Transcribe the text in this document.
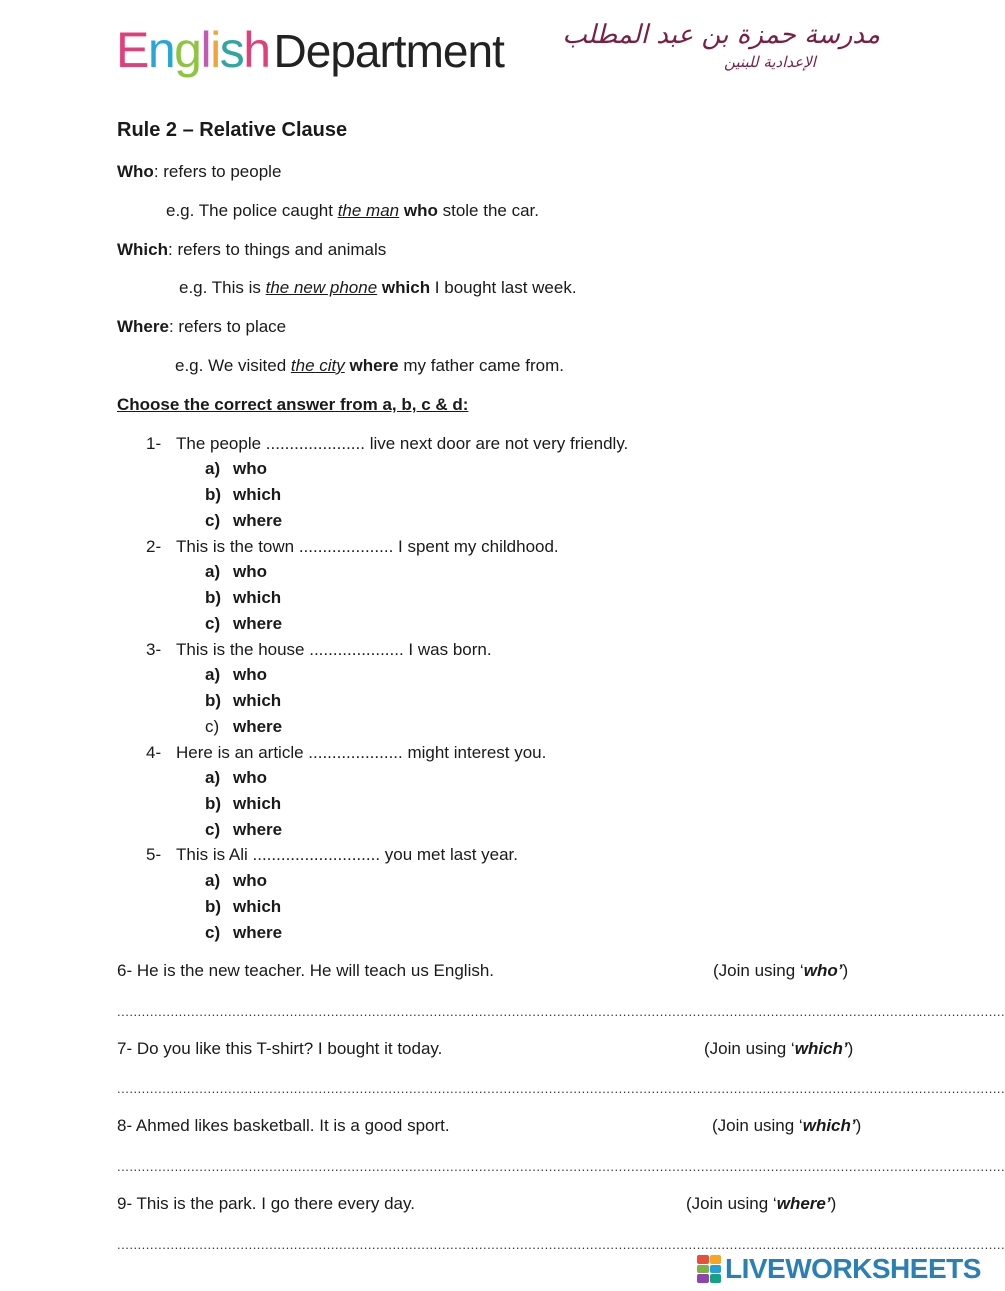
EnglishDepartment مدرسة حمزة بن عبد المطلب
الإعدادية للبنين
Rule 2 – Relative Clause
Who: refers to people
e.g. The police caught the man who stole the car.
Which: refers to things and animals
e.g. This is the new phone which I bought last week.
Where: refers to place
e.g. We visited the city where my father came from.
Choose the correct answer from a, b, c & d:
1- The people ..................... live next door are not very friendly.
a) who
b) which
c) where
2- This is the town .................... I spent my childhood.
a) who
b) which
c) where
3- This is the house .................... I was born.
a) who
b) which
c) where
4- Here is an article .................... might interest you.
a) who
b) which
c) where
5- This is Ali ........................... you met last year.
a) who
b) which
c) where
6- He is the new teacher. He will teach us English.	(Join using ‘who’)
........................................................................................................................................................................................................................
7- Do you like this T-shirt? I bought it today.	(Join using ‘which’)
........................................................................................................................................................................................................................
8- Ahmed likes basketball. It is a good sport.	(Join using ‘which’)
........................................................................................................................................................................................................................
9- This is the park. I go there every day.	(Join using ‘where’)
........................................................................................................................................................................................................................
LIVEWORKSHEETS
